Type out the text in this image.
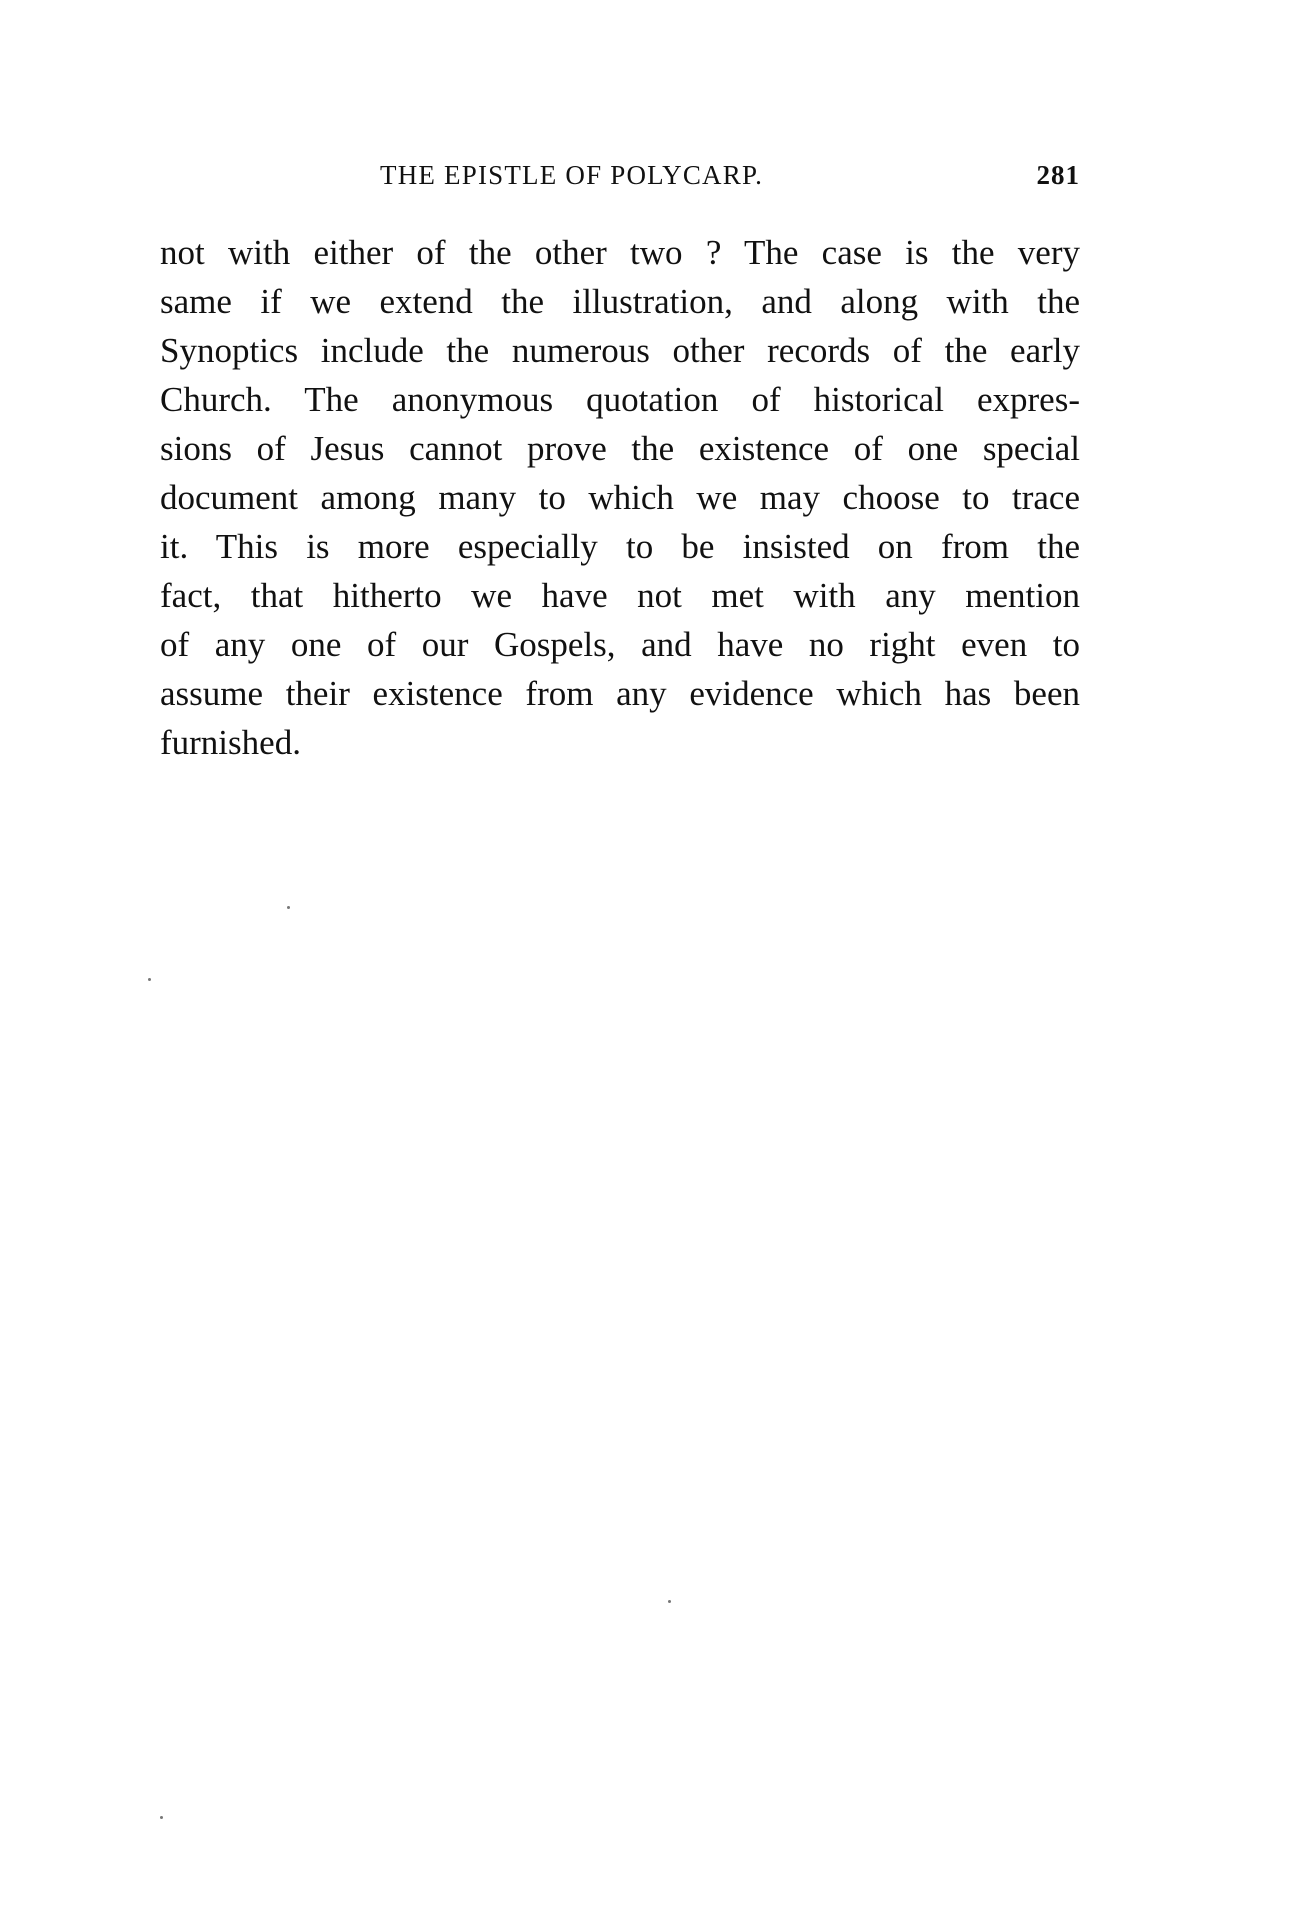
THE EPISTLE OF POLYCARP.	281
not with either of the other two ? The case is the very
same if we extend the illustration, and along with the
Synoptics include the numerous other records of the early
Church. The anonymous quotation of historical expres-
sions of Jesus cannot prove the existence of one special
document among many to which we may choose to trace
it. This is more especially to be insisted on from the
fact, that hitherto we have not met with any mention
of any one of our Gospels, and have no right even to
assume their existence from any evidence which has been
furnished.
